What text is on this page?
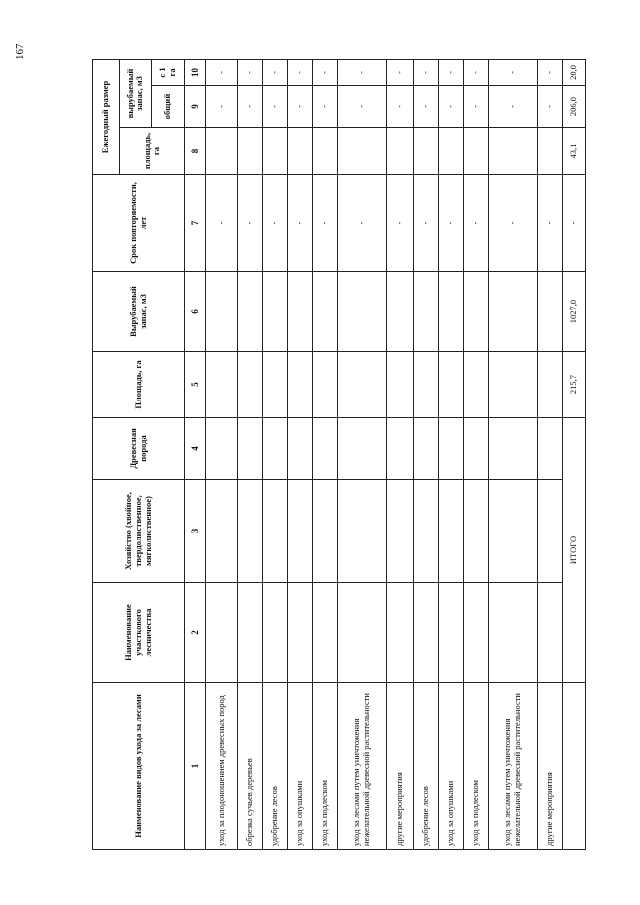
167
Наименование видов ухода за лесами	Наименование участкового лесничества	Хозяйство (хвойное, твердолиственное, мягколиственное)	Древесная порода	Площадь, га	Вырубаемый запас, м3	Срок повторяемости, лет	Ежегодный размер		
							площадь, га	вырубаемый запас, м3	
								общий	с 1 га
1	2	3	4	5	6	7	8	9	10
уход за плодоношением древесных пород						-		-	-
обрезка сучьев деревьев						-		-	-
удобрение лесов						-		-	-
уход за опушками						-		-	-
уход за подлеском						-		-	-
уход за лесами путем уничтожения нежелательной древесной растительности						-		-	-
другие мероприятия						-		-	-
удобрение лесов						-		-	-
уход за опушками						-		-	-
уход за подлеском						-		-	-
уход за лесами путем уничтожения нежелательной древесной растительности						-		-	-
другие мероприятия						-		-	-
	ИТОГО			215,7	1027,0	-	43,1	206,0	20,0
